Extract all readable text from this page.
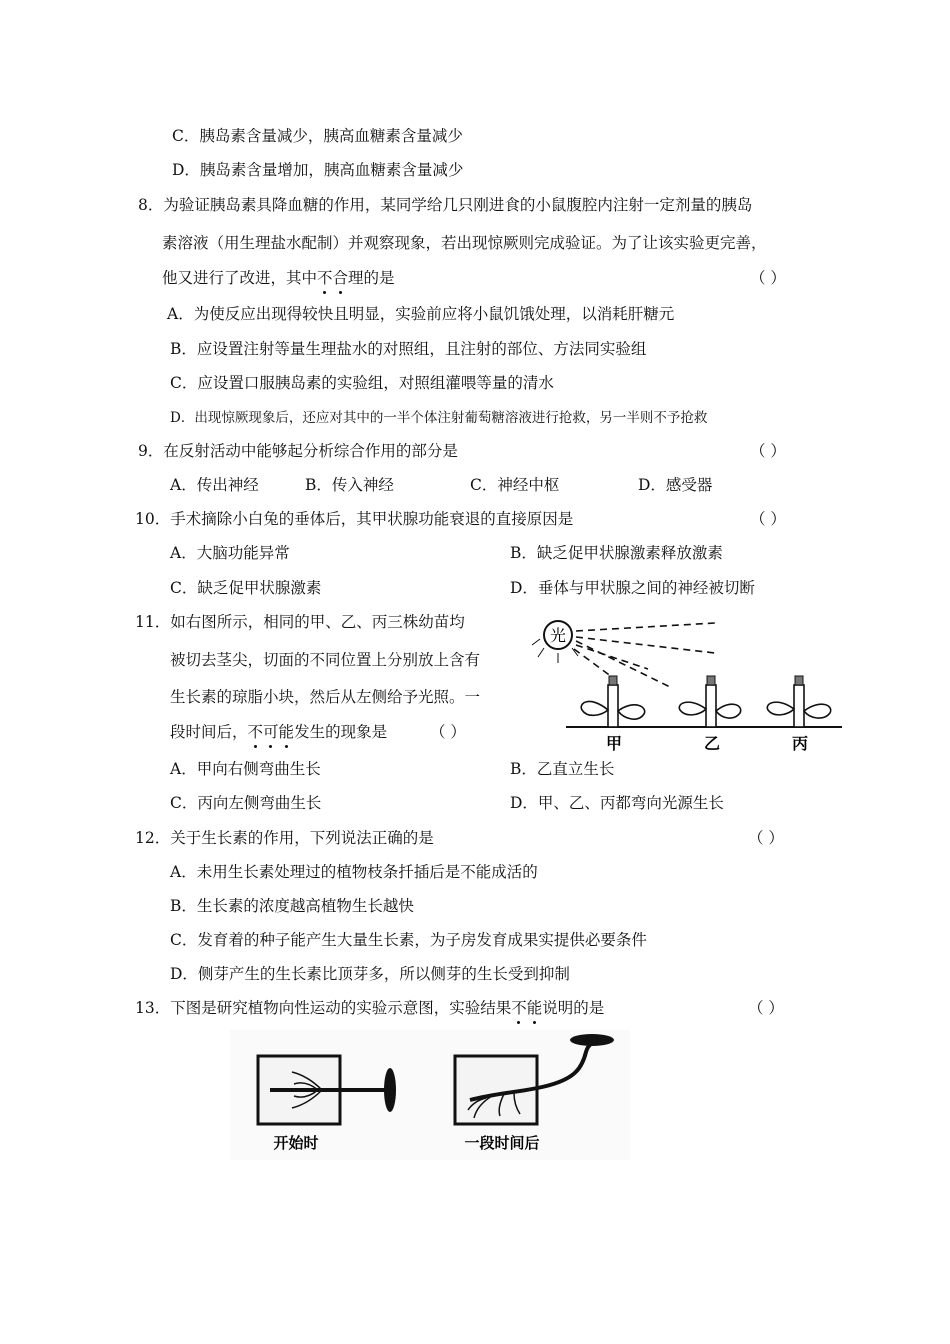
C．胰岛素含量减少，胰高血糖素含量减少
D．胰岛素含量增加，胰高血糖素含量减少
8．为验证胰岛素具降血糖的作用，某同学给几只刚进食的小鼠腹腔内注射一定剂量的胰岛
素溶液（用生理盐水配制）并观察现象，若出现惊厥则完成验证。为了让该实验更完善，
他又进行了改进，其中不合理的是	（ ）
A．为使反应出现得较快且明显，实验前应将小鼠饥饿处理，以消耗肝糖元
B．应设置注射等量生理盐水的对照组，且注射的部位、方法同实验组
C．应设置口服胰岛素的实验组，对照组灌喂等量的清水
D．出现惊厥现象后，还应对其中的一半个体注射葡萄糖溶液进行抢救，另一半则不予抢救
9．在反射活动中能够起分析综合作用的部分是	（ ）
A．传出神经	B．传入神经	C．神经中枢	D．感受器
10．手术摘除小白兔的垂体后，其甲状腺功能衰退的直接原因是	（ ）
A．大脑功能异常	B．缺乏促甲状腺激素释放激素
C．缺乏促甲状腺激素	D．垂体与甲状腺之间的神经被切断
11．如右图所示，相同的甲、乙、丙三株幼苗均
被切去茎尖，切面的不同位置上分别放上含有
生长素的琼脂小块，然后从左侧给予光照。一
段时间后，不可能发生的现象是	（ ）
光
甲	乙	丙
A．甲向右侧弯曲生长	B．乙直立生长
C．丙向左侧弯曲生长	D．甲、乙、丙都弯向光源生长
12．关于生长素的作用，下列说法正确的是	（ ）
A．未用生长素处理过的植物枝条扦插后是不能成活的
B．生长素的浓度越高植物生长越快
C．发育着的种子能产生大量生长素，为子房发育成果实提供必要条件
D．侧芽产生的生长素比顶芽多，所以侧芽的生长受到抑制
13．下图是研究植物向性运动的实验示意图，实验结果不能说明的是	（ ）
开始时	一段时间后
